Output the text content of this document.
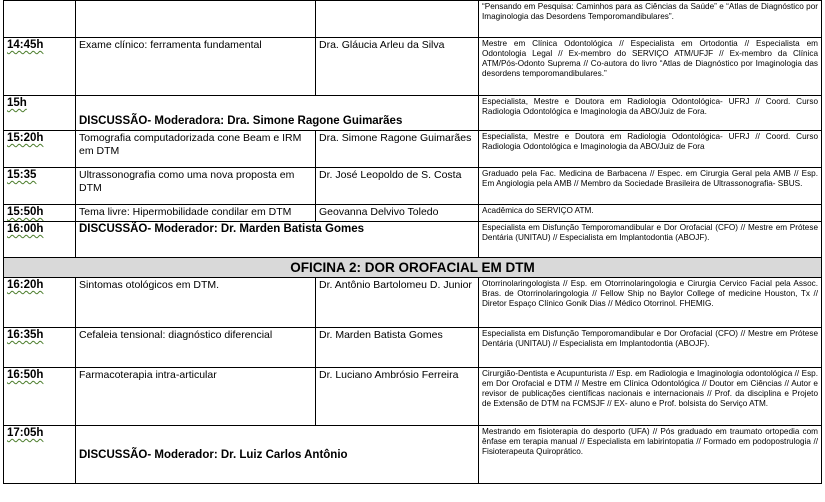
			“Pensando em Pesquisa: Caminhos para as Ciências da Saúde” e “Atlas de Diagnóstico por Imaginologia das Desordens Temporomandibulares”.
14:45h	Exame clínico: ferramenta fundamental	Dra. Gláucia Arleu da Silva	Mestre em Clínica Odontológica // Especialista em Ortodontia // Especialista em Odontologia Legal // Ex-membro do SERVIÇO ATM/UFJF // Ex-membro da Clínica ATM/Pós-Odonto Suprema // Co-autora do livro “Atlas de Diagnóstico por Imaginologia das desordens temporomandibulares.”
15h	DISCUSSÃO- Moderadora: Dra. Simone Ragone Guimarães		Especialista, Mestre e Doutora em Radiologia Odontológica- UFRJ // Coord. Curso Radiologia Odontológica e Imaginologia da ABO/Juiz de Fora.
15:20h	Tomografia computadorizada cone Beam e IRM em DTM	Dra. Simone Ragone Guimarães	Especialista, Mestre e Doutora em Radiologia Odontológica- UFRJ // Coord. Curso Radiologia Odontológica e Imaginologia da ABO/Juiz de Fora
15:35	Ultrassonografia como uma nova proposta em DTM	Dr. José Leopoldo de S. Costa	Graduado pela Fac. Medicina de Barbacena // Espec. em Cirurgia Geral pela AMB // Esp. Em Angiologia pela AMB // Membro da Sociedade Brasileira de Ultrassonografia- SBUS.
15:50h	Tema livre: Hipermobilidade condilar em DTM	Geovanna Delvivo Toledo	Acadêmica do SERVIÇO ATM.
16:00h	DISCUSSÃO- Moderador: Dr. Marden Batista Gomes		Especialista em Disfunção Temporomandibular e Dor Orofacial (CFO) // Mestre em Prótese Dentária (UNITAU) // Especialista em Implantodontia (ABOJF).
OFICINA 2: DOR OROFACIAL EM DTM			
16:20h	Sintomas otológicos em DTM.	Dr. Antônio Bartolomeu D. Junior	Otorrinolaringologista // Esp. em Otorrinolaringologia e Cirurgia Cervico Facial pela Assoc. Bras. de Otorrinolaringologia // Fellow Ship no Baylor College of medicine Houston, Tx // Diretor Espaço Clínico Gonik Dias // Médico Otorrinol. FHEMIG.
16:35h	Cefaleia tensional: diagnóstico diferencial	Dr. Marden Batista Gomes	Especialista em Disfunção Temporomandibular e Dor Orofacial (CFO) // Mestre em Prótese Dentária (UNITAU) // Especialista em Implantodontia (ABOJF).
16:50h	Farmacoterapia intra-articular	Dr. Luciano Ambrósio Ferreira	Cirurgião-Dentista e Acupunturista // Esp. em Radiologia e Imaginologia odontológica // Esp. em Dor Orofacial e DTM // Mestre em Clínica Odontológica // Doutor em Ciências // Autor e revisor de publicações científicas nacionais e internacionais // Prof. da disciplina e Projeto de Extensão de DTM na FCMSJF // EX- aluno e Prof. bolsista do Serviço ATM.
17:05h	DISCUSSÃO- Moderador: Dr. Luiz Carlos Antônio		Mestrando em fisioterapia do desporto (UFA) // Pós graduado em traumato ortopedia com ênfase em terapia manual // Especialista em labirintopatia // Formado em podopostrulogia // Fisioterapeuta Quiroprático.
